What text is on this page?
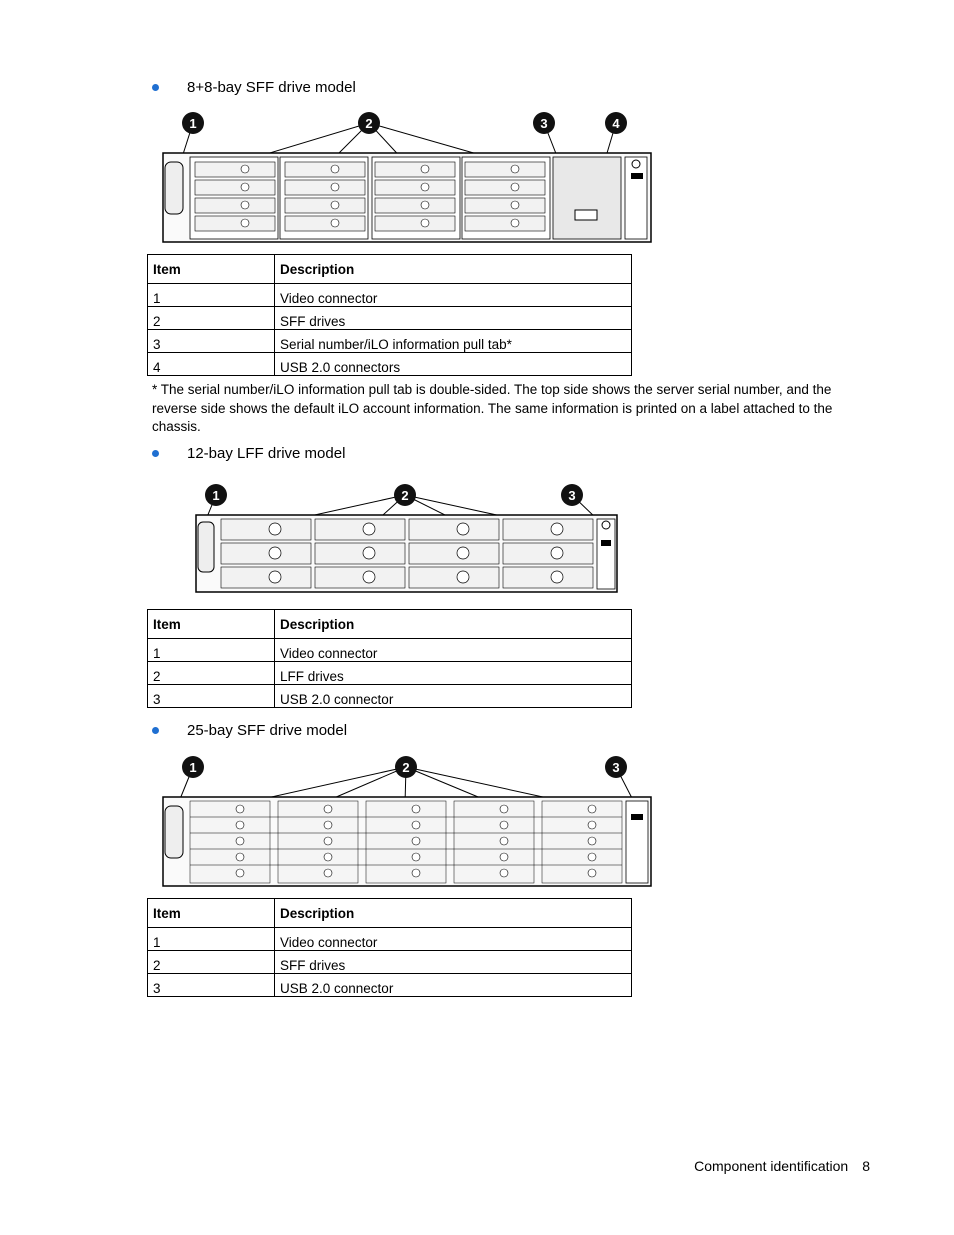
8+8-bay SFF drive model
1	2	3	4
Item	Description
1	Video connector
2	SFF drives
3	Serial number/iLO information pull tab*
4	USB 2.0 connectors
* The serial number/iLO information pull tab is double-sided. The top side shows the server serial number, and the reverse side shows the default iLO account information. The same information is printed on a label attached to the chassis.
12-bay LFF drive model
1	2	3
Item	Description
1	Video connector
2	LFF drives
3	USB 2.0 connector
25-bay SFF drive model
1	2	3
Item	Description
1	Video connector
2	SFF drives
3	USB 2.0 connector
Component identification 8
